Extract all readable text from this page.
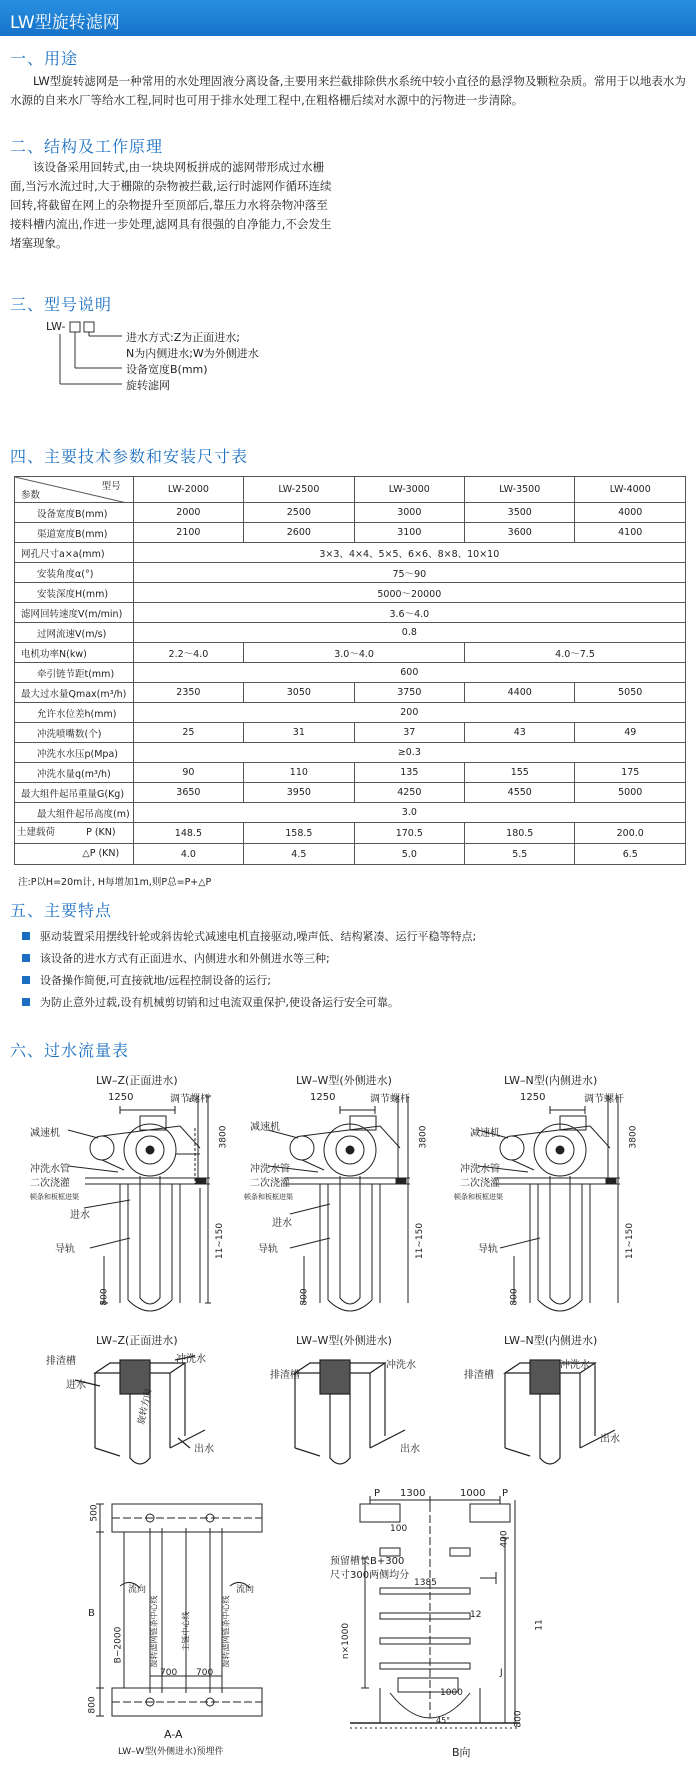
LW型旋转滤网

一、用途

LW型旋转滤网是一种常用的水处理固液分离设备,主要用来拦截排除供水系统中较小直径的悬浮物及颗粒杂质。常用于以地表水为水源的自来水厂等给水工程,同时也可用于排水处理工程中,在粗格栅后续对水源中的污物进一步清除。

二、结构及工作原理

该设备采用回转式,由一块块网板拼成的滤网带形成过水栅面,当污水流过时,大于栅隙的杂物被拦截,运行时滤网作循环连续回转,将截留在网上的杂物提升至顶部后,靠压力水将杂物冲落至接料槽内流出,作进一步处理,滤网具有很强的自净能力,不会发生堵塞现象。

三、型号说明
LW-
进水方式:Z为正面进水;
N为内侧进水;W为外侧进水
设备宽度B(mm)
旋转滤网
四、主要技术参数和安装尺寸表
型号
参数	LW-2000	LW-2500	LW-3000	LW-3500	LW-4000
设备宽度B(mm)	2000	2500	3000	3500	4000
渠道宽度B(mm)	2100	2600	3100	3600	4100
网孔尺寸a×a(mm)	3×3、4×4、5×5、6×6、8×8、10×10				
安装角度α(°)	75～90				
安装深度H(mm)	5000～20000				
滤网回转速度V(m/min)	3.6～4.0				
过网流速V(m/s)	0.8				
电机功率N(kw)	2.2～4.0	3.0～4.0		4.0～7.5	
牵引链节距t(mm)	600				
最大过水量Qmax(m³/h)	2350	3050	3750	4400	5050
允许水位差h(mm)	200				
冲洗喷嘴数(个)	25	31	37	43	49
冲洗水水压p(Mpa)	≥0.3				
冲洗水量q(m³/h)	90	110	135	155	175
最大组件起吊重量G(Kg)	3650	3950	4250	4550	5000
最大组件起吊高度(m)	3.0				

土建载荷 P (KN)	148.5	158.5	170.5	180.5	200.0

△P (KN)	4.0	4.5	5.0	5.5	6.5
注:P以H=20m计, H每增加1m,则P总=P+△P
五、主要特点
驱动装置采用摆线针轮或斜齿轮式减速电机直接驱动,噪声低、结构紧凑、运行平稳等特点;
该设备的进水方式有正面进水、内侧进水和外侧进水等三种;
设备操作简便,可直接就地/远程控制设备的运行;
为防止意外过载,设有机械剪切销和过电流双重保护,使设备运行安全可靠。
六、过水流量表
LW–Z(正面进水)	LW–W型(外侧进水)	LW–N型(内侧进水)
1250	调节螺杆
减速机
冲洗水管
二次浇灌
顿条和板框进渠
进水
导轨
3800
11~150
800
1250	调节螺杆
减速机
冲洗水管
二次浇灌
顿条和板框进渠
进水
导轨
3800
11~150
800
1250	调节螺杆
减速机
冲洗水管
二次浇灌
顿条和板框进渠
导轨
3800
11~150
800
LW–Z(正面进水)	LW–W型(外侧进水)	LW–N型(内侧进水)
排渣槽	冲洗水
进水
出水
排渣槽
冲洗水
出水
排渣槽
冲洗水
出水
旋转方向
500
B
B~2000
800
700 700
流向	流向
旋转滤网链条中心线	主链中心线	旋转滤网链条中心线
A-A
LW–W型(外侧进水)预埋件
P 1300	1000 P
100
预留槽长B+300
尺寸300两侧均分
1385
400
12
n×1000
1000
11
45°
J
800
B向
